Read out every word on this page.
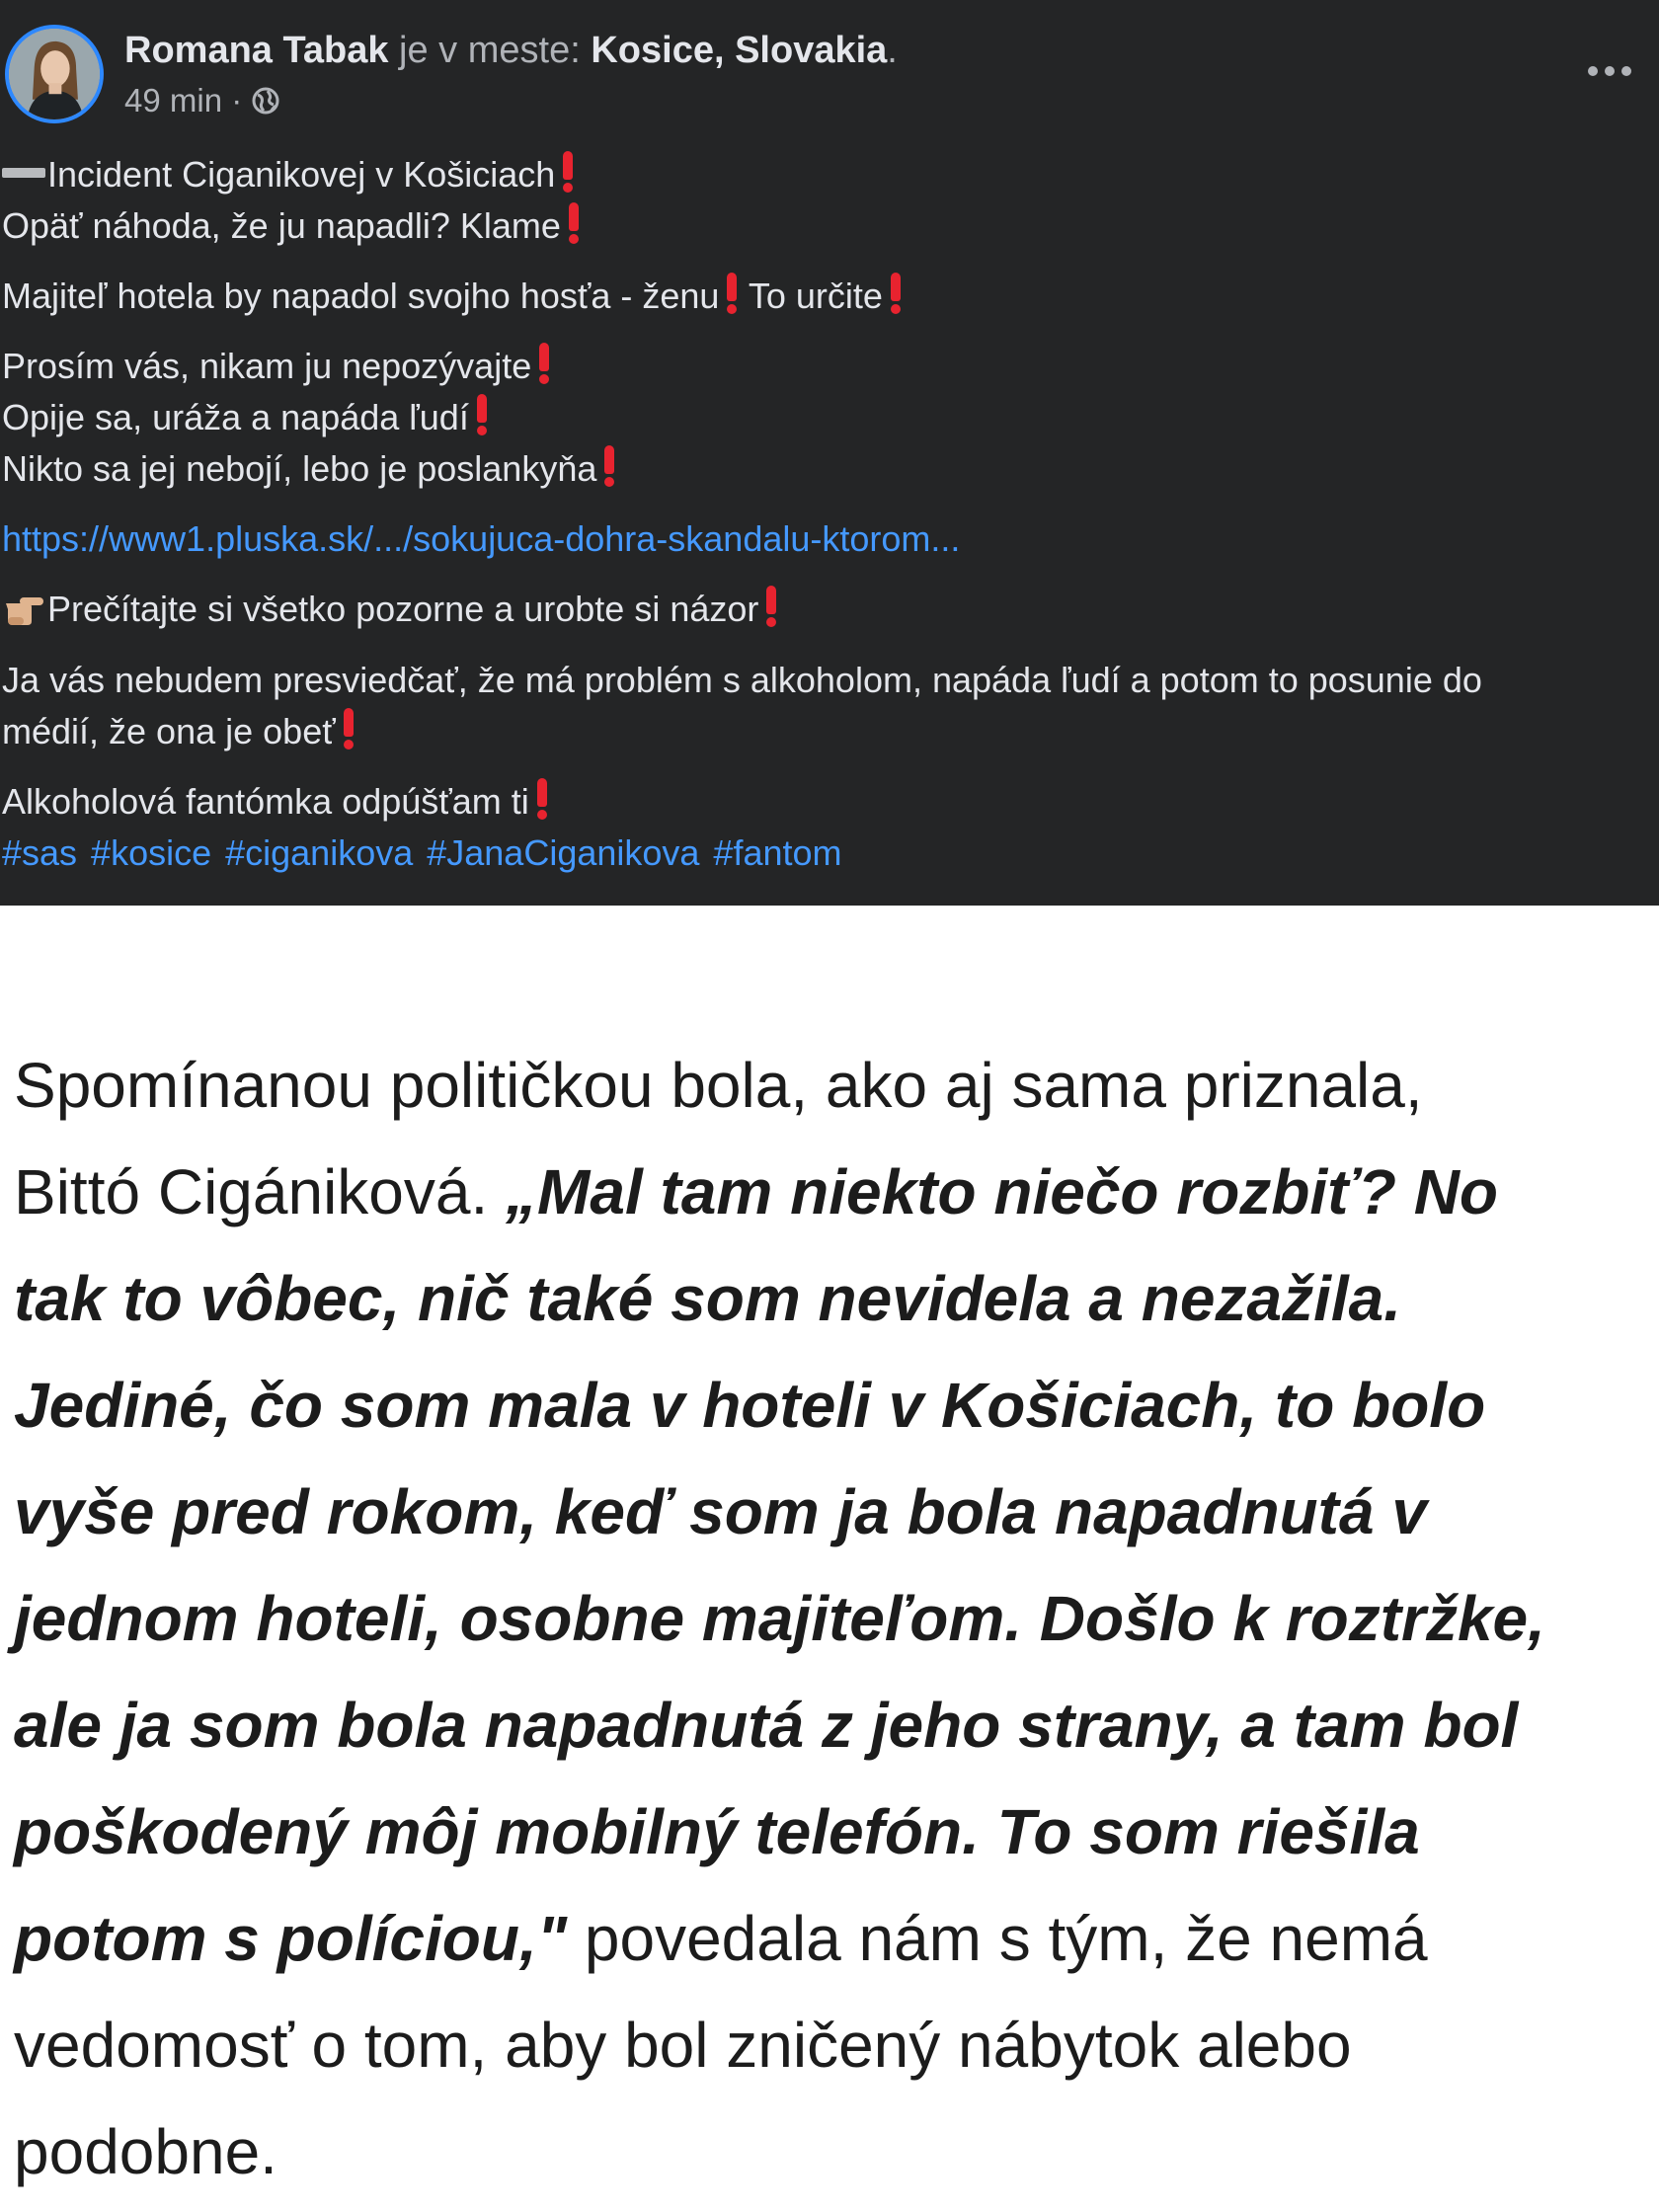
Romana Tabak je v meste: Kosice, Slovakia.
49 min ·

Incident Ciganikovej v Košiciach

Opäť náhoda, že ju napadli? Klame

Majiteľ hotela by napadol svojho hosťa - ženu To určite

Prosím vás, nikam ju nepozývajte

Opije sa, uráža a napáda ľudí

Nikto sa jej nebojí, lebo je poslankyňa

https://www1.pluska.sk/.../sokujuca-dohra-skandalu-ktorom...

Prečítajte si všetko pozorne a urobte si názor

Ja vás nebudem presviedčať, že má problém s alkoholom, napáda ľudí a potom to posunie do

médií, že ona je obeť

Alkoholová fantómka odpúšťam ti

#sas #kosice #ciganikova #JanaCiganikova #fantom

Spomínanou političkou bola, ako aj sama priznala,
Bittó Cigániková. „Mal tam niekto niečo rozbiť? No
tak to vôbec, nič také som nevidela a nezažila.
Jediné, čo som mala v hoteli v Košiciach, to bolo
vyše pred rokom, keď som ja bola napadnutá v
jednom hoteli, osobne majiteľom. Došlo k roztržke,
ale ja som bola napadnutá z jeho strany, a tam bol
poškodený môj mobilný telefón. To som riešila
potom s políciou," povedala nám s tým, že nemá
vedomosť o tom, aby bol zničený nábytok alebo
podobne.
